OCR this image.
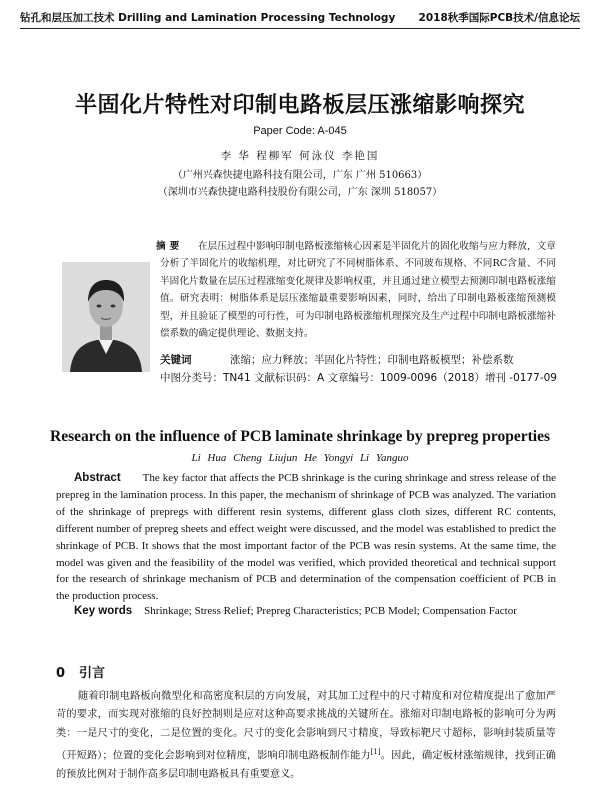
钻孔和层压加工技术 Drilling and Lamination Processing Technology 2018秋季国际PCB技术/信息论坛
半固化片特性对印制电路板层压涨缩影响探究
Paper Code: A-045
李 华 程柳军 何泳仪 李艳国
（广州兴森快捷电路科技有限公司，广东 广州 510663）
（深圳市兴森快捷电路科技股份有限公司，广东 深圳 518057）
摘要	在层压过程中影响印制电路板涨缩核心因素是半固化片的固化收缩与应力释放，文章分析了半固化片的收缩机理，对比研究了不同树脂体系、不同玻布规格、不同RC含量、不同半固化片数量在层压过程涨缩变化规律及影响权重，并且通过建立模型去预测印制电路板涨缩值。研究表明：树脂体系是层压涨缩最重要影响因素，同时，给出了印制电路板涨缩预测模型，并且验证了模型的可行性，可为印制电路板涨缩机理探究及生产过程中印制电路板涨缩补偿系数的确定提供理论、数据支持。
关键词	涨缩；应力释放；半固化片特性；印制电路板模型；补偿系数
中图分类号：TN41 文献标识码：A 文章编号：1009-0096（2018）增刊 -0177-09
Research on the influence of PCB laminate shrinkage by prepreg properties
Li Hua Cheng Liujun He Yongyi Li Yanguo
Abstract The key factor that affects the PCB shrinkage is the curing shrinkage and stress release of the prepreg in the lamination process. In this paper, the mechanism of shrinkage of PCB was analyzed. The variation of the shrinkage of prepregs with different resin systems, different glass cloth sizes, different RC contents, different number of prepreg sheets and effect weight were discussed, and the model was established to predict the shrinkage of PCB. It shows that the most important factor of the PCB was resin systems. At the same time, the model was given and the feasibility of the model was verified, which provided theoretical and technical support for the research of shrinkage mechanism of PCB and determination of the compensation coefficient of PCB in the production process.
Key words Shrinkage; Stress Relief; Prepreg Characteristics; PCB Model; Compensation Factor
0 引言
随着印制电路板向微型化和高密度积层的方向发展，对其加工过程中的尺寸精度和对位精度提出了愈加严苛的要求，而实现对涨缩的良好控制则是应对这种高要求挑战的关键所在。涨缩对印制电路板的影响可分为两类：一是尺寸的变化，二是位置的变化。尺寸的变化会影响到尺寸精度，导致标靶尺寸超标，影响封装质量等（开短路）；位置的变化会影响到对位精度，影响印制电路板制作能力[1]。因此，确定板材涨缩规律，找到正确的预放比例对于制作高多层印制电路板具有重要意义。
